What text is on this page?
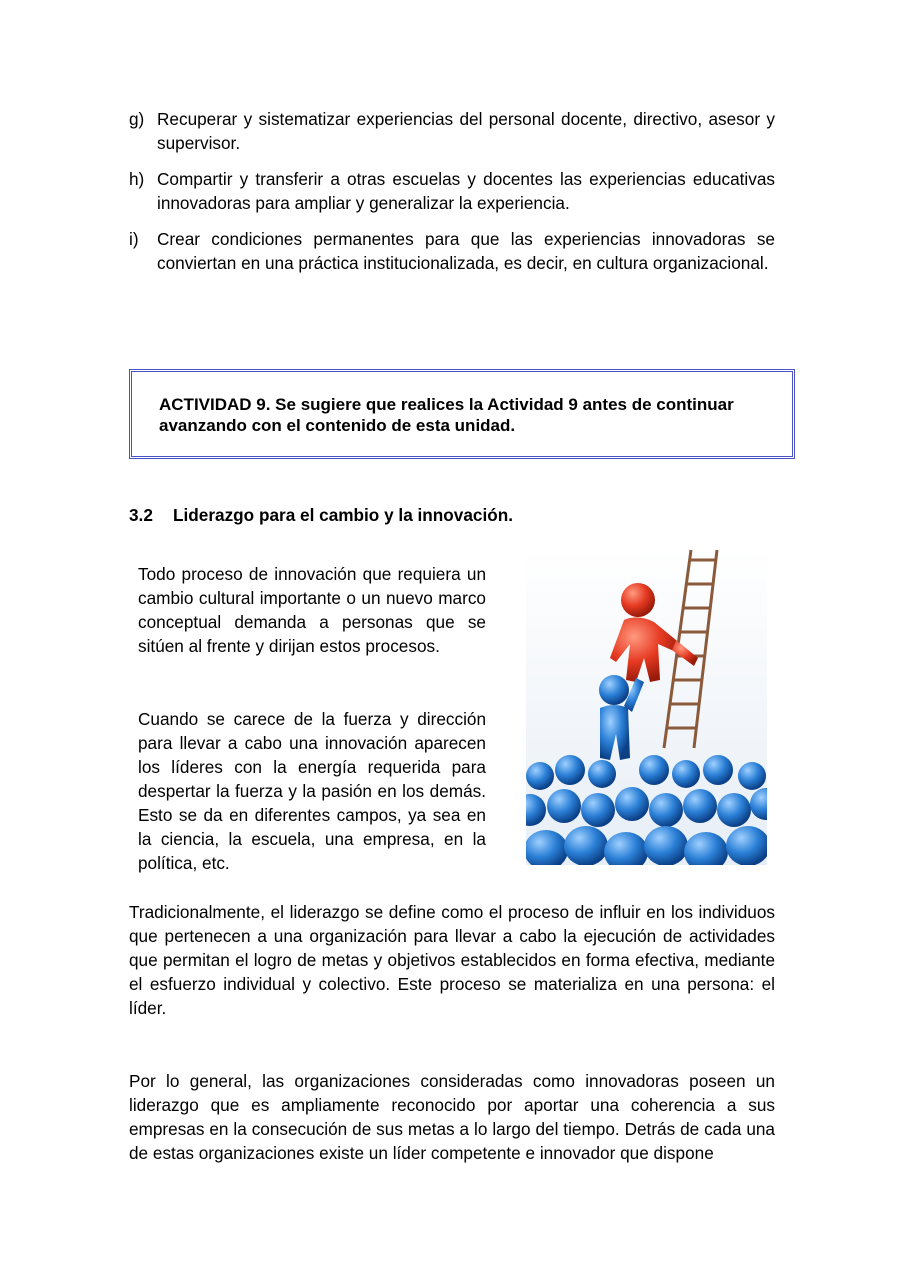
g) Recuperar y sistematizar experiencias del personal docente, directivo, asesor y supervisor.
h) Compartir y transferir a otras escuelas y docentes las experiencias educativas innovadoras para ampliar y generalizar la experiencia.
i) Crear condiciones permanentes para que las experiencias innovadoras se conviertan en una práctica institucionalizada, es decir, en cultura organizacional.
ACTIVIDAD 9. Se sugiere que realices la Actividad 9 antes de continuar avanzando con el contenido de esta unidad.
3.2 Liderazgo para el cambio y la innovación.
Todo proceso de innovación que requiera un cambio cultural importante o un nuevo marco conceptual demanda a personas que se sitúen al frente y dirijan estos procesos.
Cuando se carece de la fuerza y dirección para llevar a cabo una innovación aparecen los líderes con la energía requerida para despertar la fuerza y la pasión en los demás. Esto se da en diferentes campos, ya sea en la ciencia, la escuela, una empresa, en la política, etc.
Tradicionalmente, el liderazgo se define como el proceso de influir en los individuos que pertenecen a una organización para llevar a cabo la ejecución de actividades que permitan el logro de metas y objetivos establecidos en forma efectiva, mediante el esfuerzo individual y colectivo. Este proceso se materializa en una persona: el líder.
Por lo general, las organizaciones consideradas como innovadoras poseen un liderazgo que es ampliamente reconocido por aportar una coherencia a sus empresas en la consecución de sus metas a lo largo del tiempo. Detrás de cada una de estas organizaciones existe un líder competente e innovador que dispone
